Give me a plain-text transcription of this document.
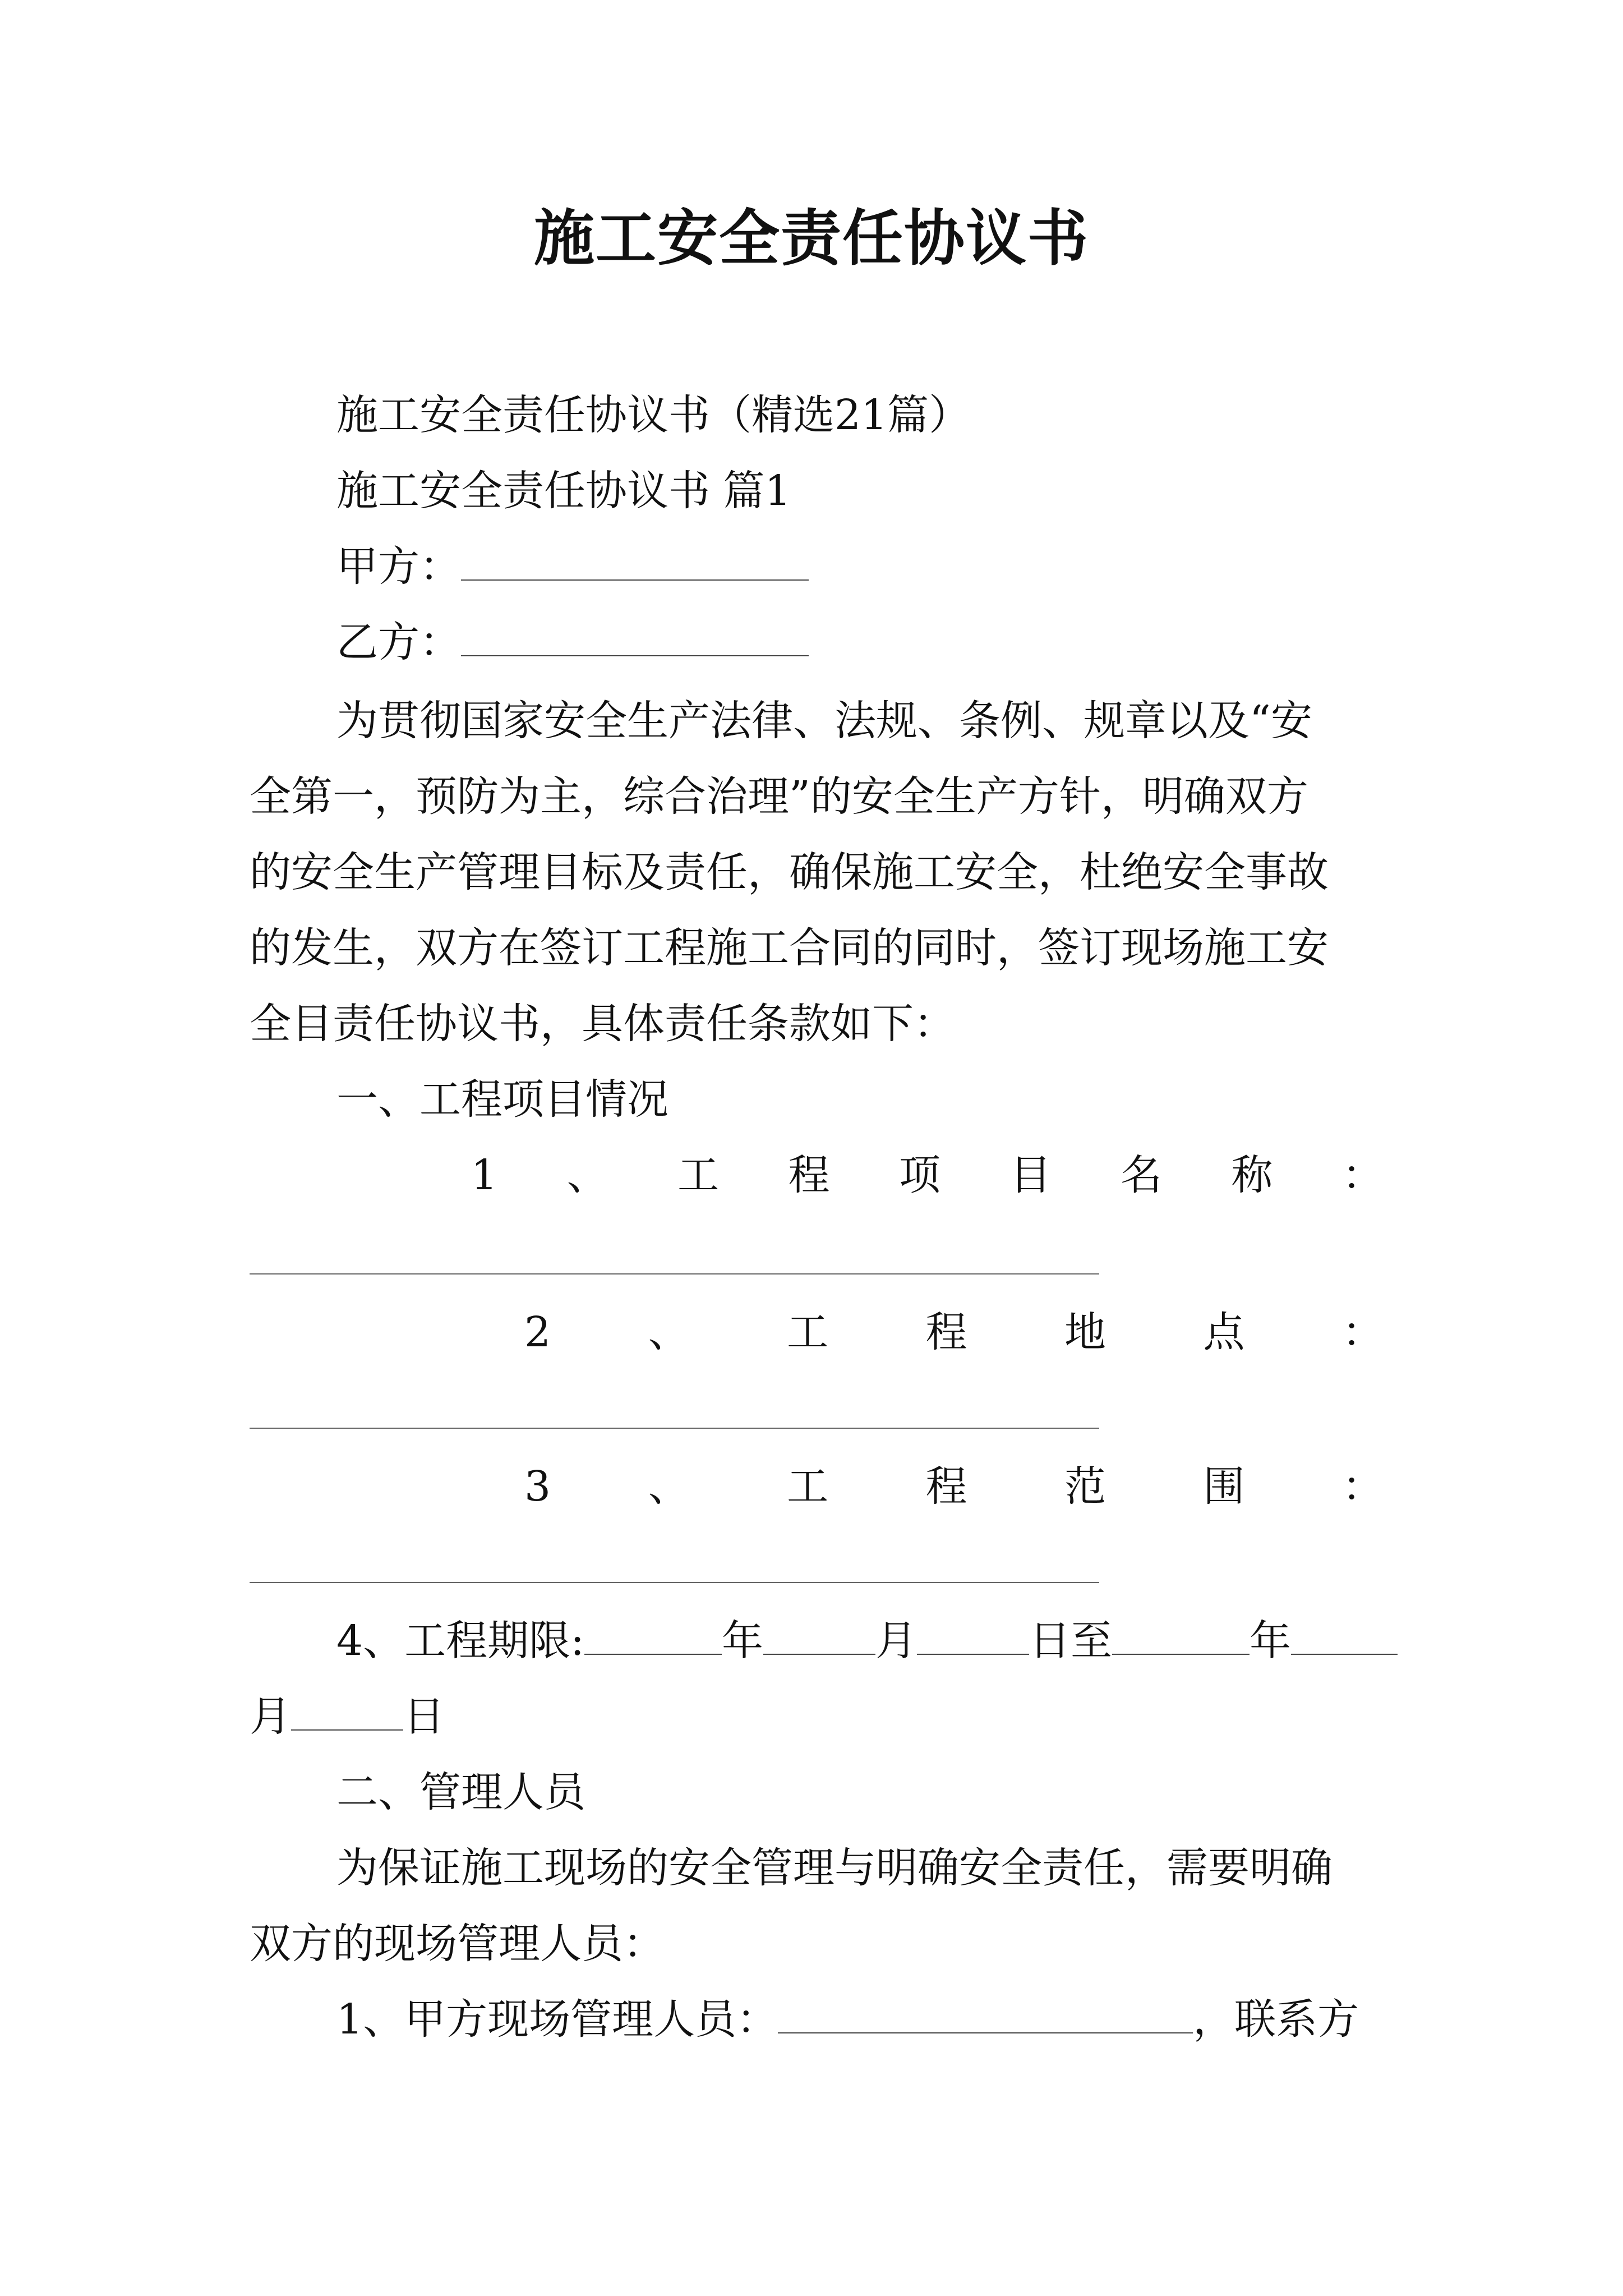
施工安全责任协议书
施工安全责任协议书（精选21篇）
施工安全责任协议书 篇1
甲方：
乙方：
为贯彻国家安全生产法律、法规、条例、规章以及“安
全第一，预防为主，综合治理”的安全生产方针，明确双方
的安全生产管理目标及责任，确保施工安全，杜绝安全事故
的发生，双方在签订工程施工合同的同时，签订现场施工安
全目责任协议书，具体责任条款如下：
一、工程项目情况
1 、 工 程 项 目 名 称 ：
2 、 工 程 地 点 ：
3 、 工 程 范 围 ：
4、工程期限:	年	月	日至	年
月	日
二、管理人员
为保证施工现场的安全管理与明确安全责任，需要明确
双方的现场管理人员：
1、甲方现场管理人员：	，联系方
